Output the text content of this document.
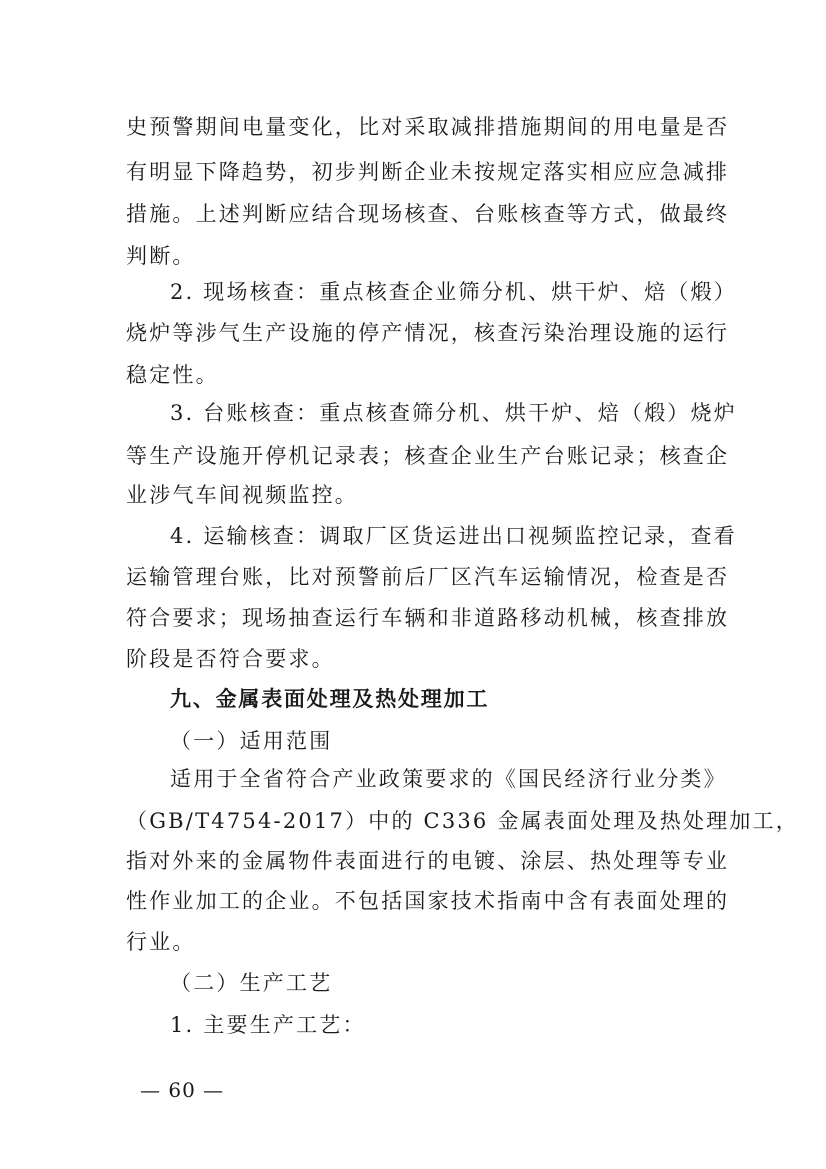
史预警期间电量变化，比对采取减排措施期间的用电量是否
有明显下降趋势，初步判断企业未按规定落实相应应急减排
措施。上述判断应结合现场核查、台账核查等方式，做最终
判断。
2. 现场核查：重点核查企业筛分机、烘干炉、焙（煅）
烧炉等涉气生产设施的停产情况，核查污染治理设施的运行
稳定性。
3. 台账核查：重点核查筛分机、烘干炉、焙（煅）烧炉
等生产设施开停机记录表；核查企业生产台账记录；核查企
业涉气车间视频监控。
4. 运输核查：调取厂区货运进出口视频监控记录，查看
运输管理台账，比对预警前后厂区汽车运输情况，检查是否
符合要求；现场抽查运行车辆和非道路移动机械，核查排放
阶段是否符合要求。
九、金属表面处理及热处理加工
（一）适用范围
适用于全省符合产业政策要求的《国民经济行业分类》
（GB/T4754-2017）中的 C336 金属表面处理及热处理加工，
指对外来的金属物件表面进行的电镀、涂层、热处理等专业
性作业加工的企业。不包括国家技术指南中含有表面处理的
行业。
（二）生产工艺
1. 主要生产工艺：
— 60 —
